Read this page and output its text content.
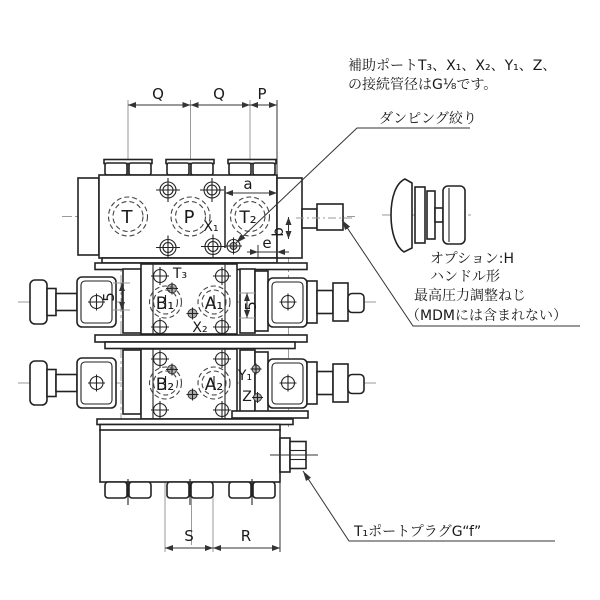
Q	Q P
a
b
e
5
5
S	R
T	P	T₂
X₁
T₃
B₁ A₁
X₂
B₂ A₂ Y₁
Z
補助ポートT₃、X₁、X₂、Y₁、Z、
の接続管径はG⅛です。
ダンピング絞り
オプション:H
ハンドル形
最高圧力調整ねじ
（MDMには含まれない）
T₁ポートプラグG“f”
